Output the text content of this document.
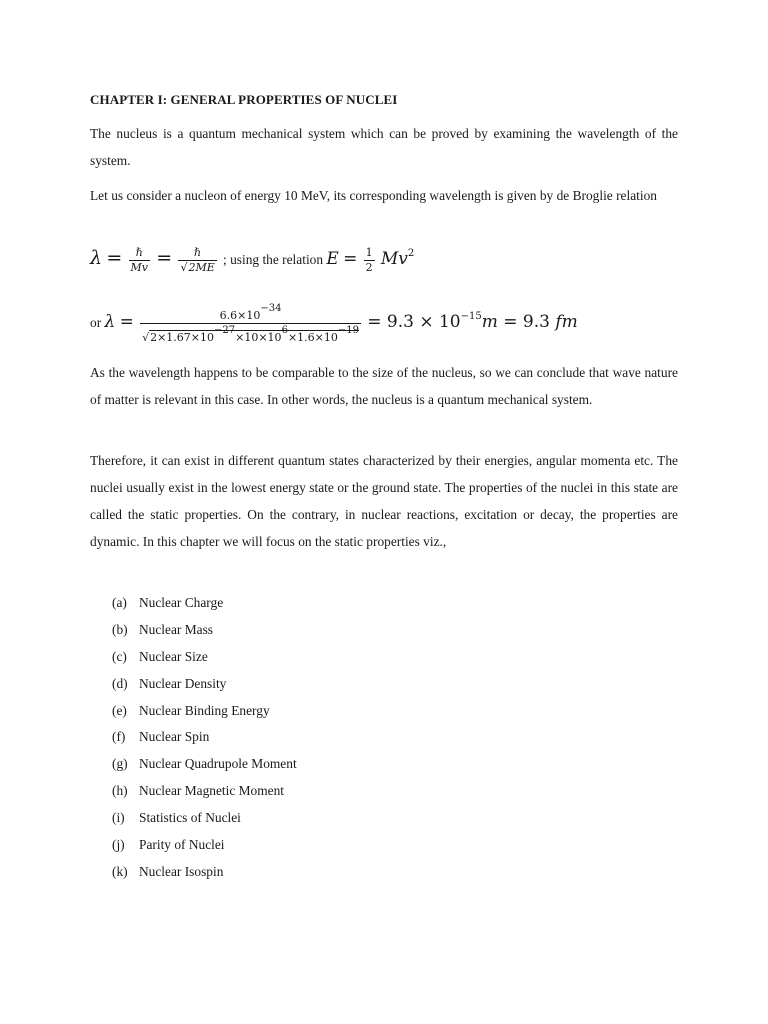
CHAPTER I: GENERAL PROPERTIES OF NUCLEI

The nucleus is a quantum mechanical system which can be proved by examining the wavelength of the system.

Let us consider a nucleon of energy 10 MeV, its corresponding wavelength is given by de Broglie relation

$\lambda = \frac{\text{ℏ}}{Mv} = \frac{\text{ℏ}}{√2ME}$ ; using the relation $E = \frac{1}{2} Mv^2$
or $\lambda = \frac{6.6\times 10^{-34}}{√2\times 1.67\times 10^{-27}\times 10\times 10^6\times 1.6\times 10^{-19}} = 9.3 \times 10^{-15}m = 9.3$ fm

As the wavelength happens to be comparable to the size of the nucleus, so we can conclude that wave nature of matter is relevant in this case. In other words, the nucleus is a quantum mechanical system.

Therefore, it can exist in different quantum states characterized by their energies, angular momenta etc. The nuclei usually exist in the lowest energy state or the ground state. The properties of the nuclei in this state are called the static properties. On the contrary, in nuclear reactions, excitation or decay, the properties are dynamic. In this chapter we will focus on the static properties viz.,

(a) Nuclear Charge
(b) Nuclear Mass
(c) Nuclear Size
(d) Nuclear Density
(e) Nuclear Binding Energy
(f) Nuclear Spin
(g) Nuclear Quadrupole Moment
(h) Nuclear Magnetic Moment
(i) Statistics of Nuclei
(j) Parity of Nuclei
(k) Nuclear Isospin
